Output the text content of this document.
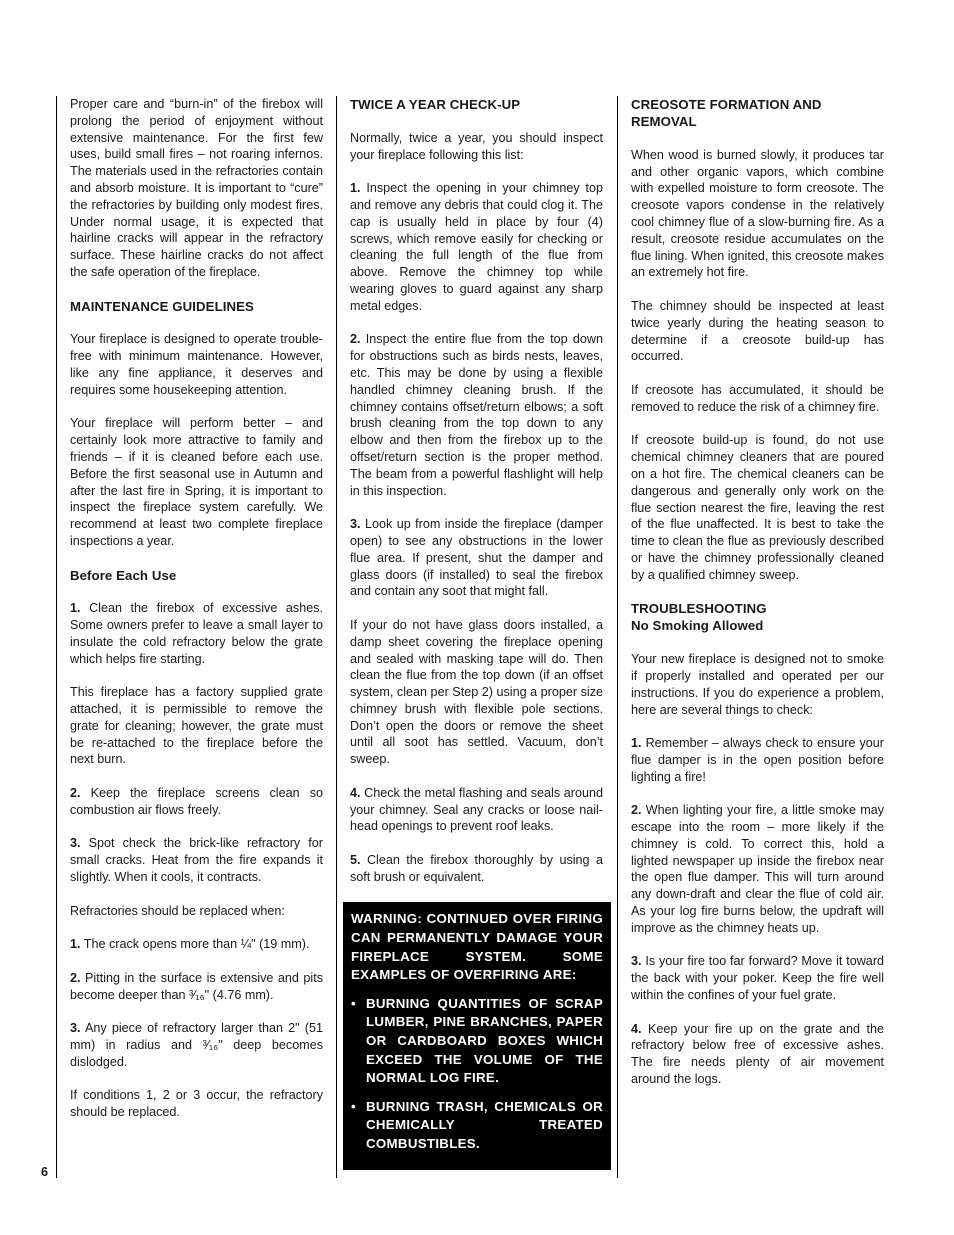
6

Proper care and “burn-in” of the firebox will prolong the period of enjoyment without extensive maintenance. For the first few uses, build small fires – not roaring infernos. The materials used in the refractories contain and absorb moisture. It is important to “cure” the refractories by building only modest fires. Under normal usage, it is expected that hairline cracks will appear in the refractory surface. These hairline cracks do not affect the safe operation of the fireplace.

MAINTENANCE GUIDELINES

Your fireplace is designed to operate trouble-free with minimum maintenance. However, like any fine appliance, it deserves and requires some housekeeping attention.

Your fireplace will perform better – and certainly look more attractive to family and friends – if it is cleaned before each use. Before the first seasonal use in Autumn and after the last fire in Spring, it is important to inspect the fireplace system carefully. We recommend at least two complete fireplace inspections a year.

Before Each Use

1. Clean the firebox of excessive ashes. Some owners prefer to leave a small layer to insulate the cold refractory below the grate which helps fire starting.

This fireplace has a factory supplied grate attached, it is permissible to remove the grate for cleaning; however, the grate must be re-attached to the fireplace before the next burn.

2. Keep the fireplace screens clean so combustion air flows freely.

3. Spot check the brick-like refractory for small cracks. Heat from the fire expands it slightly. When it cools, it contracts.

Refractories should be replaced when:

1. The crack opens more than ¼" (19 mm).

2. Pitting in the surface is extensive and pits become deeper than ³⁄₁₆" (4.76 mm).

3. Any piece of refractory larger than 2" (51 mm) in radius and ³⁄₁₆" deep becomes dislodged.

If conditions 1, 2 or 3 occur, the refractory should be replaced.

TWICE A YEAR CHECK-UP

Normally, twice a year, you should inspect your fireplace following this list:

1. Inspect the opening in your chimney top and remove any debris that could clog it. The cap is usually held in place by four (4) screws, which remove easily for checking or cleaning the full length of the flue from above. Remove the chimney top while wearing gloves to guard against any sharp metal edges.

2. Inspect the entire flue from the top down for obstructions such as birds nests, leaves, etc. This may be done by using a flexible handled chimney cleaning brush. If the chimney contains offset/return elbows; a soft brush cleaning from the top down to any elbow and then from the firebox up to the offset/return section is the proper method. The beam from a powerful flashlight will help in this inspection.

3. Look up from inside the fireplace (damper open) to see any obstructions in the lower flue area. If present, shut the damper and glass doors (if installed) to seal the firebox and contain any soot that might fall.

If your do not have glass doors installed, a damp sheet covering the fireplace opening and sealed with masking tape will do. Then clean the flue from the top down (if an offset system, clean per Step 2) using a proper size chimney brush with flexible pole sections. Don’t open the doors or remove the sheet until all soot has settled. Vacuum, don’t sweep.

4. Check the metal flashing and seals around your chimney. Seal any cracks or loose nail-head openings to prevent roof leaks.

5. Clean the firebox thoroughly by using a soft brush or equivalent.

WARNING: CONTINUED OVER FIRING CAN PERMANENTLY DAMAGE YOUR FIREPLACE SYSTEM. SOME EXAMPLES OF OVERFIRING ARE:

• BURNING QUANTITIES OF SCRAP LUMBER, PINE BRANCHES, PAPER OR CARDBOARD BOXES WHICH EXCEED THE VOLUME OF THE NORMAL LOG FIRE.
• BURNING TRASH, CHEMICALS OR CHEMICALLY TREATED COMBUSTIBLES.
CREOSOTE FORMATION AND REMOVAL

When wood is burned slowly, it produces tar and other organic vapors, which combine with expelled moisture to form creosote. The creosote vapors condense in the relatively cool chimney flue of a slow-burning fire. As a result, creosote residue accumulates on the flue lining. When ignited, this creosote makes an extremely hot fire.

The chimney should be inspected at least twice yearly during the heating season to determine if a creosote build-up has occurred.

If creosote has accumulated, it should be removed to reduce the risk of a chimney fire.

If creosote build-up is found, do not use chemical chimney cleaners that are poured on a hot fire. The chemical cleaners can be dangerous and generally only work on the flue section nearest the fire, leaving the rest of the flue unaffected. It is best to take the time to clean the flue as previously described or have the chimney professionally cleaned by a qualified chimney sweep.

TROUBLESHOOTING
No Smoking Allowed

Your new fireplace is designed not to smoke if properly installed and operated per our instructions. If you do experience a problem, here are several things to check:

1. Remember – always check to ensure your flue damper is in the open position before lighting a fire!

2. When lighting your fire, a little smoke may escape into the room – more likely if the chimney is cold. To correct this, hold a lighted newspaper up inside the firebox near the open flue damper. This will turn around any down-draft and clear the flue of cold air. As your log fire burns below, the updraft will improve as the chimney heats up.

3. Is your fire too far forward? Move it toward the back with your poker. Keep the fire well within the confines of your fuel grate.

4. Keep your fire up on the grate and the refractory below free of excessive ashes. The fire needs plenty of air movement around the logs.
